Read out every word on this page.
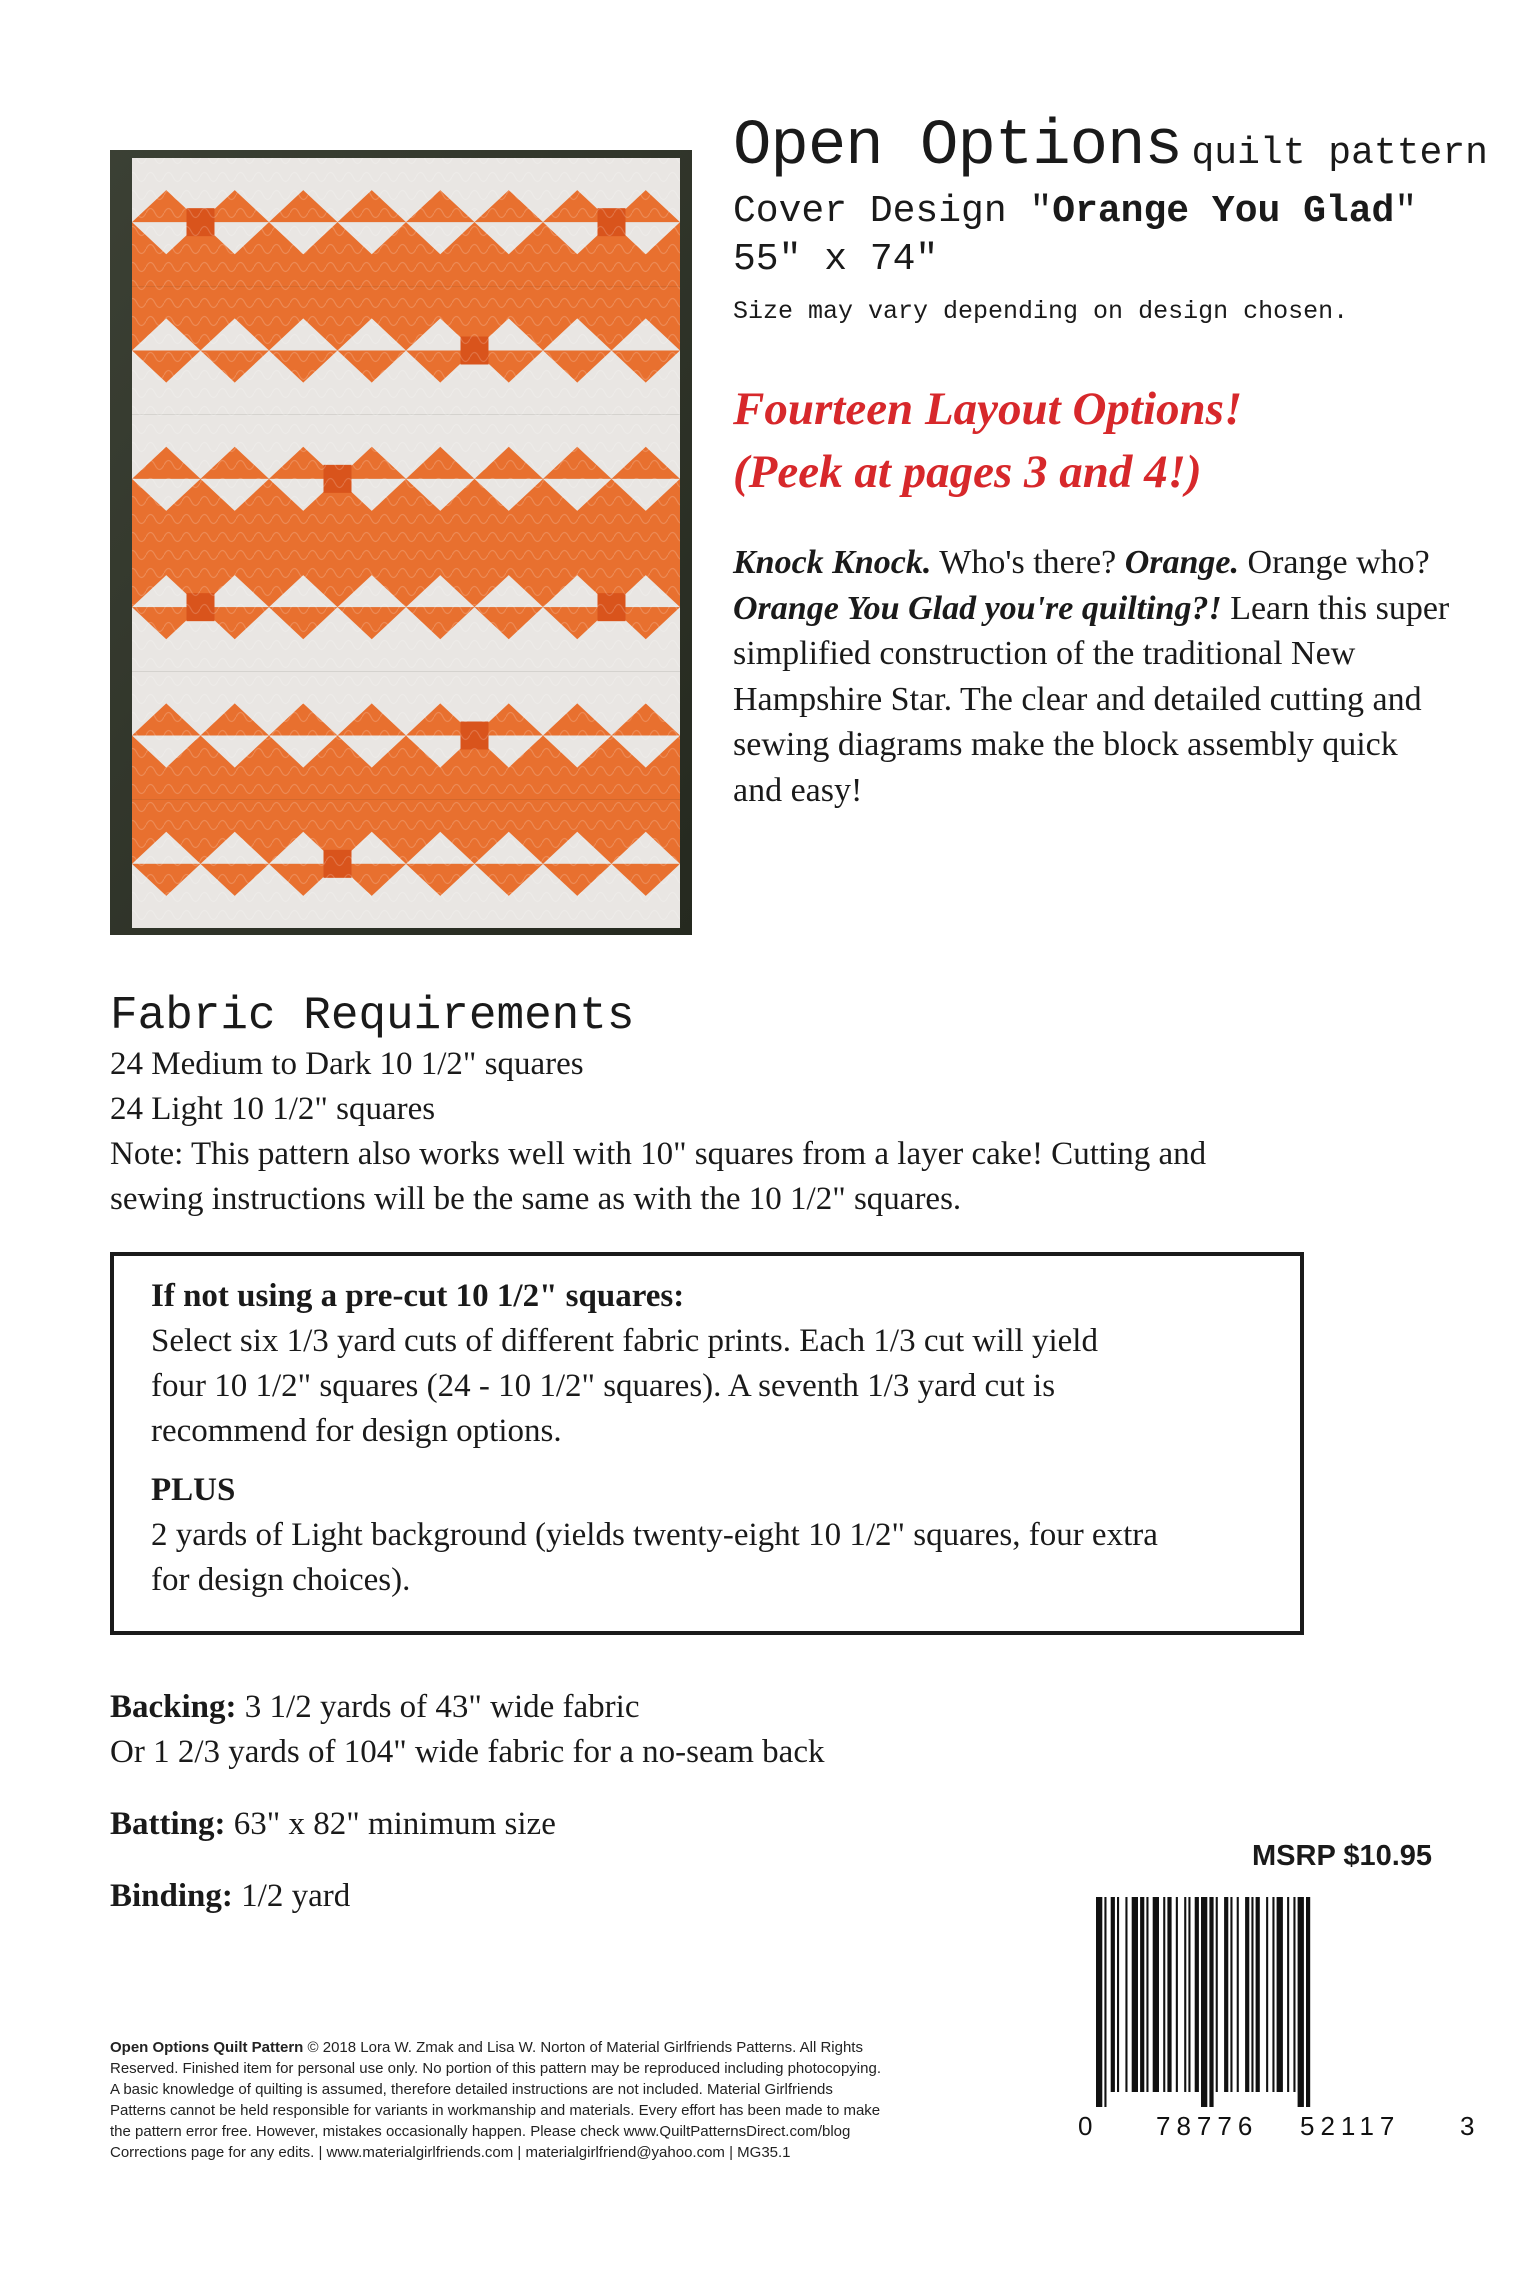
Open Options quilt pattern

Cover Design "Orange You Glad"

55" x 74"

Size may vary depending on design chosen.

Fourteen Layout Options!
(Peek at pages 3 and 4!)
Knock Knock. Who's there? Orange. Orange who? Orange You Glad you're quilting?! Learn this super simplified construction of the traditional New Hampshire Star. The clear and detailed cutting and sewing diagrams make the block assembly quick and easy!
Fabric Requirements
24 Medium to Dark 10 1/2" squares
24 Light 10 1/2" squares
Note: This pattern also works well with 10" squares from a layer cake! Cutting and
sewing instructions will be the same as with the 10 1/2" squares.
If not using a pre-cut 10 1/2" squares:
Select six 1/3 yard cuts of different fabric prints. Each 1/3 cut will yield
four 10 1/2" squares (24 - 10 1/2" squares). A seventh 1/3 yard cut is
recommend for design options.
PLUS
2 yards of Light background (yields twenty-eight 10 1/2" squares, four extra
for design choices).
Backing: 3 1/2 yards of 43" wide fabric
Or 1 2/3 yards of 104" wide fabric for a no-seam back
Batting: 63" x 82" minimum size
Binding: 1/2 yard
MSRP $10.95
0 78776 52117 3
Open Options Quilt Pattern © 2018 Lora W. Zmak and Lisa W. Norton of Material Girlfriends Patterns. All Rights
Reserved. Finished item for personal use only. No portion of this pattern may be reproduced including photocopying.
A basic knowledge of quilting is assumed, therefore detailed instructions are not included. Material Girlfriends
Patterns cannot be held responsible for variants in workmanship and materials. Every effort has been made to make
the pattern error free. However, mistakes occasionally happen. Please check www.QuiltPatternsDirect.com/blog
Corrections page for any edits. | www.materialgirlfriends.com | materialgirlfriend@yahoo.com | MG35.1
